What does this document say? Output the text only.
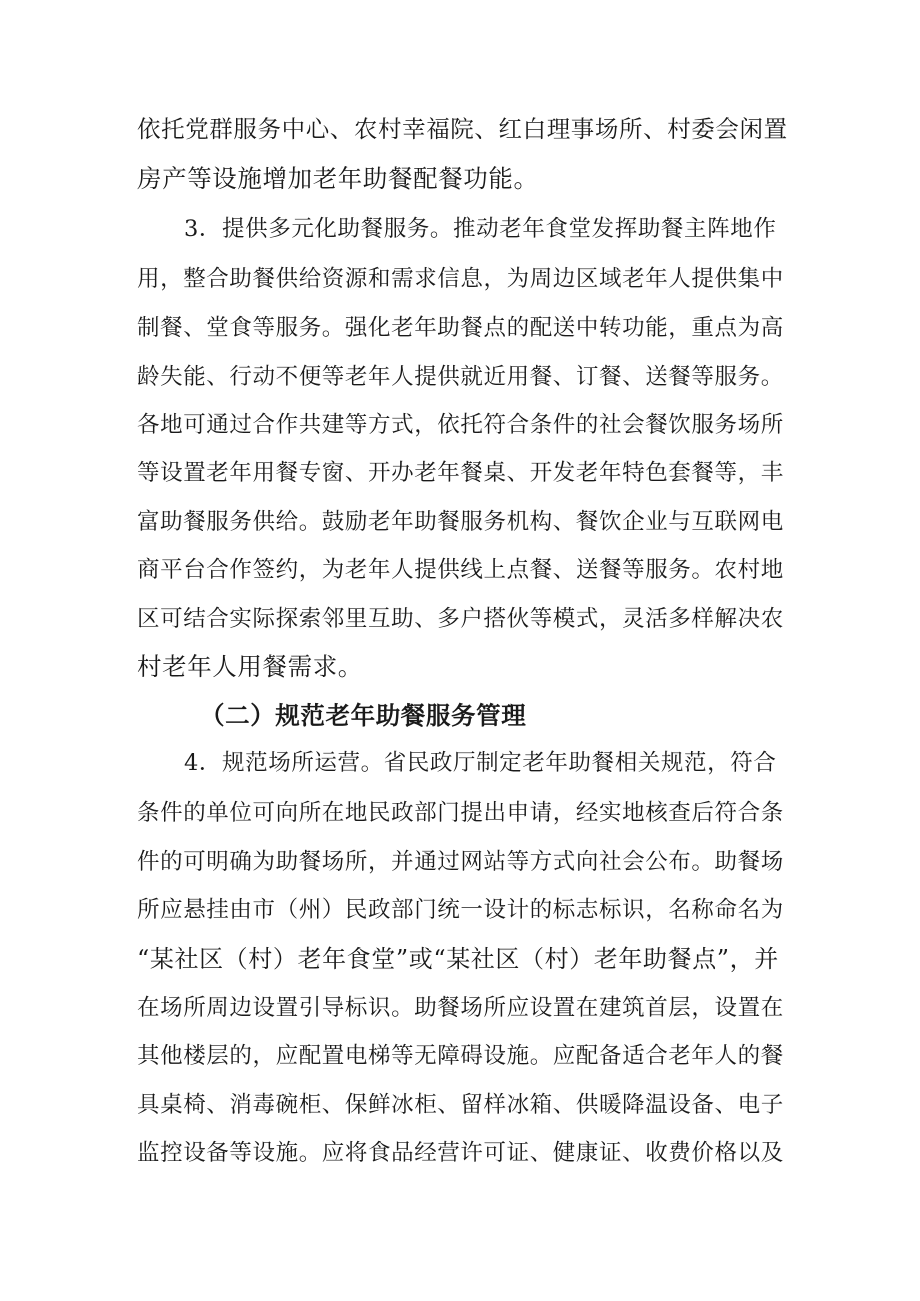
依托党群服务中心、农村幸福院、红白理事场所、村委会闲置
房产等设施增加老年助餐配餐功能。
3．提供多元化助餐服务。推动老年食堂发挥助餐主阵地作
用，整合助餐供给资源和需求信息，为周边区域老年人提供集中
制餐、堂食等服务。强化老年助餐点的配送中转功能，重点为高
龄失能、行动不便等老年人提供就近用餐、订餐、送餐等服务。
各地可通过合作共建等方式，依托符合条件的社会餐饮服务场所
等设置老年用餐专窗、开办老年餐桌、开发老年特色套餐等，丰
富助餐服务供给。鼓励老年助餐服务机构、餐饮企业与互联网电
商平台合作签约，为老年人提供线上点餐、送餐等服务。农村地
区可结合实际探索邻里互助、多户搭伙等模式，灵活多样解决农
村老年人用餐需求。
（二）规范老年助餐服务管理
4．规范场所运营。省民政厅制定老年助餐相关规范，符合
条件的单位可向所在地民政部门提出申请，经实地核查后符合条
件的可明确为助餐场所，并通过网站等方式向社会公布。助餐场
所应悬挂由市（州）民政部门统一设计的标志标识，名称命名为
“某社区（村）老年食堂”或“某社区（村）老年助餐点”，并
在场所周边设置引导标识。助餐场所应设置在建筑首层，设置在
其他楼层的，应配置电梯等无障碍设施。应配备适合老年人的餐
具桌椅、消毒碗柜、保鲜冰柜、留样冰箱、供暖降温设备、电子
监控设备等设施。应将食品经营许可证、健康证、收费价格以及
